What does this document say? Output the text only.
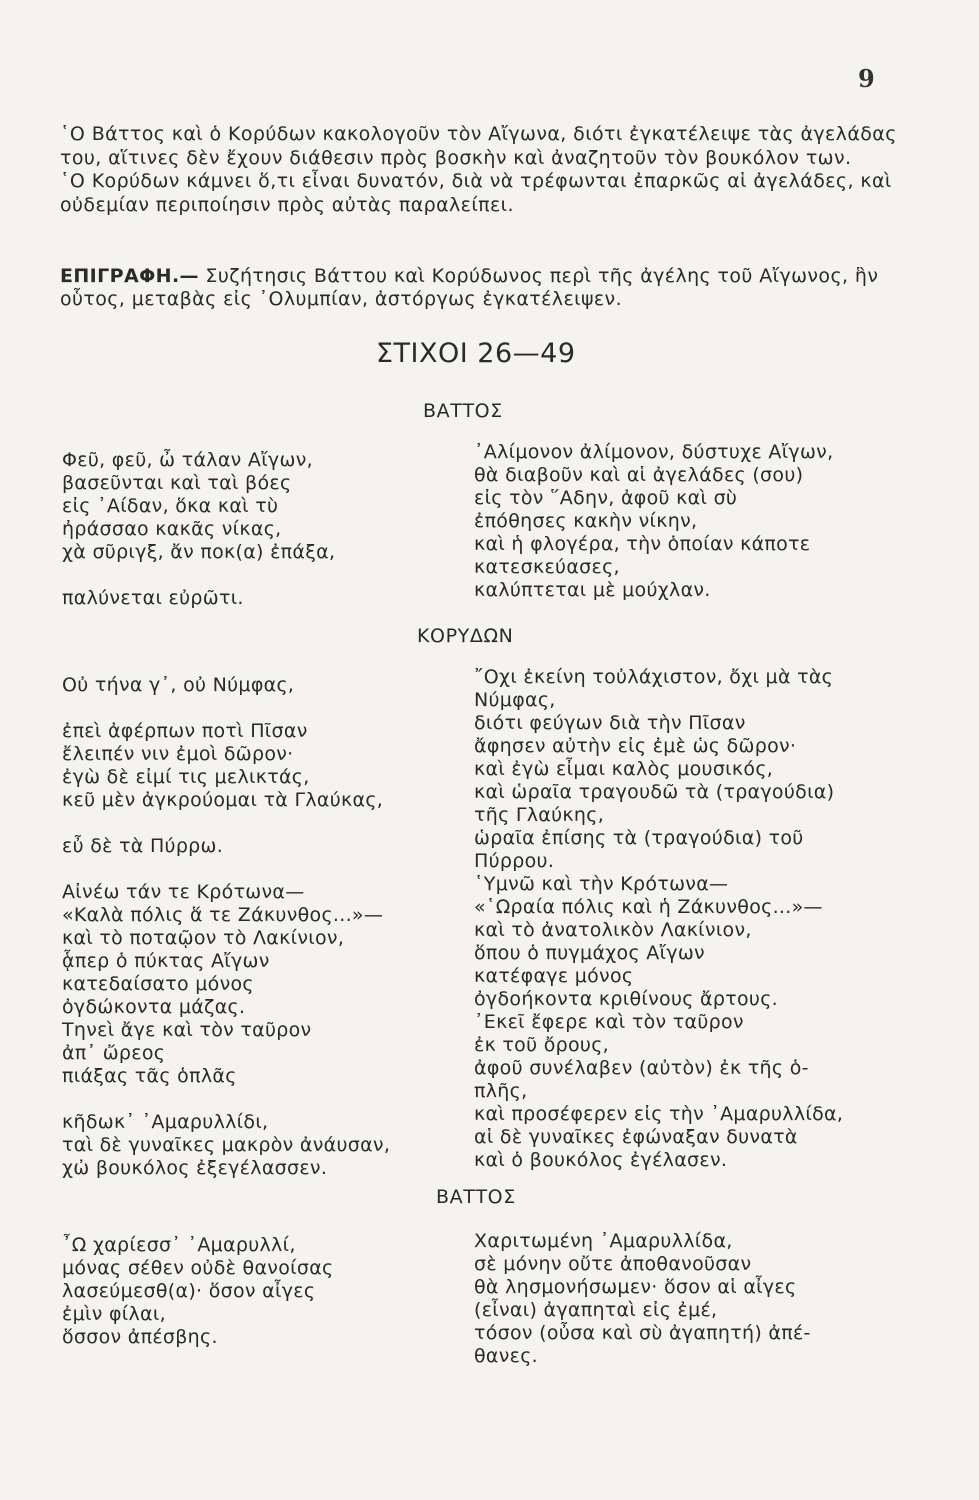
9

῾Ο Βάττος καὶ ὁ Κορύδων κακολογοῦν τὸν Αἴγωνα, διότι ἐγκατέλειψε τὰς ἀγελάδας του, αἵτινες δὲν ἔχουν διάθεσιν πρὸς βοσκὴν καὶ ἀναζητοῦν τὸν βουκόλον των.

῾Ο Κορύδων κάμνει ὅ,τι εἶναι δυνατόν, διὰ νὰ τρέφωνται ἐπαρκῶς αἱ ἀγελάδες, καὶ οὐδεμίαν περιποίησιν πρὸς αὐτὰς παραλείπει.

ΕΠΙΓΡΑΦΗ.— Συζήτησις Βάττου καὶ Κορύδωνος περὶ τῆς ἀγέλης τοῦ Αἴγωνος, ἣν οὗτος, μεταβὰς εἰς ᾿Ολυμπίαν, ἀστόργως ἐγκατέλειψεν.
ΣΤΙΧΟΙ 26—49
ΒΑΤΤΟΣ
Φεῦ, φεῦ, ὦ τάλαν Αἴγων,
βασεῦνται καὶ ταὶ βόες
εἰς ᾿Αίδαν, ὅκα καὶ τὺ
ἠράσσαο κακᾶς νίκας,
χὰ σῦριγξ, ἄν ποκ(α) ἐπάξα,
παλύνεται εὐρῶτι.
᾿Αλίμονον ἀλίμονον, δύστυχε Αἴγων,
θὰ διαβοῦν καὶ αἱ ἀγελάδες (σου)
εἰς τὸν ῞Αδην, ἀφοῦ καὶ σὺ
ἐπόθησες κακὴν νίκην,
καὶ ἡ φλογέρα, τὴν ὁποίαν κάποτε
κατεσκεύασες,
καλύπτεται μὲ μούχλαν.
ΚΟΡΥΔΩΝ
Οὐ τήνα γ᾿, οὐ Νύμφας,
ἐπεὶ ἀφέρπων ποτὶ Πῖσαν
ἔλειπέν νιν ἐμοὶ δῶρον·
ἐγὼ δὲ εἰμί τις μελικτάς,
κεῦ μὲν ἀγκρούομαι τὰ Γλαύκας,
εὖ δὲ τὰ Πύρρω.
Αἰνέω τάν τε Κρότωνα—
«Καλὰ πόλις ἅ τε Ζάκυνθος...»—
καὶ τὸ ποταῷον τὸ Λακίνιον,
ᾇπερ ὁ πύκτας Αἴγων
κατεδαίσατο μόνος
ὀγδώκοντα μάζας.
Τηνεὶ ἄγε καὶ τὸν ταῦρον
ἀπ᾿ ὤρεος
πιάξας τᾶς ὁπλᾶς
κῆδωκ᾿ ᾿Αμαρυλλίδι,
ταὶ δὲ γυναῖκες μακρὸν ἀνάυσαν,
χὠ βουκόλος ἐξεγέλασσεν.
῎Οχι ἐκείνη τοὐλάχιστον, ὄχι μὰ τὰς
Νύμφας,
διότι φεύγων διὰ τὴν Πῖσαν
ἄφησεν αὐτὴν εἰς ἐμὲ ὡς δῶρον·
καὶ ἐγὼ εἶμαι καλὸς μουσικός,
καὶ ὡραῖα τραγουδῶ τὰ (τραγούδια)
τῆς Γλαύκης,
ὡραῖα ἐπίσης τὰ (τραγούδια) τοῦ
Πύρρου.
῾Υμνῶ καὶ τὴν Κρότωνα—
«῾Ωραία πόλις καὶ ἡ Ζάκυνθος...»—
καὶ τὸ ἀνατολικὸν Λακίνιον,
ὅπου ὁ πυγμάχος Αἴγων
κατέφαγε μόνος
ὀγδοήκοντα κριθίνους ἄρτους.
᾿Εκεῖ ἔφερε καὶ τὸν ταῦρον
ἐκ τοῦ ὄρους,
ἀφοῦ συνέλαβεν (αὐτὸν) ἐκ τῆς ὁ-
πλῆς,
καὶ προσέφερεν εἰς τὴν ᾿Αμαρυλλίδα,
αἱ δὲ γυναῖκες ἐφώναξαν δυνατὰ
καὶ ὁ βουκόλος ἐγέλασεν.
ΒΑΤΤΟΣ
῏Ω χαρίεσσ᾿ ᾿Αμαρυλλί,
μόνας σέθεν οὐδὲ θανοίσας
λασεύμεσθ(α)· ὅσον αἶγες
ἐμὶν φίλαι,
ὅσσον ἀπέσβης.
Χαριτωμένη ᾿Αμαρυλλίδα,
σὲ μόνην οὔτε ἀποθανοῦσαν
θὰ λησμονήσωμεν· ὅσον αἱ αἶγες
(εἶναι) ἀγαπηταὶ εἰς ἐμέ,
τόσον (οὖσα καὶ σὺ ἀγαπητή) ἀπέ-
θανες.
